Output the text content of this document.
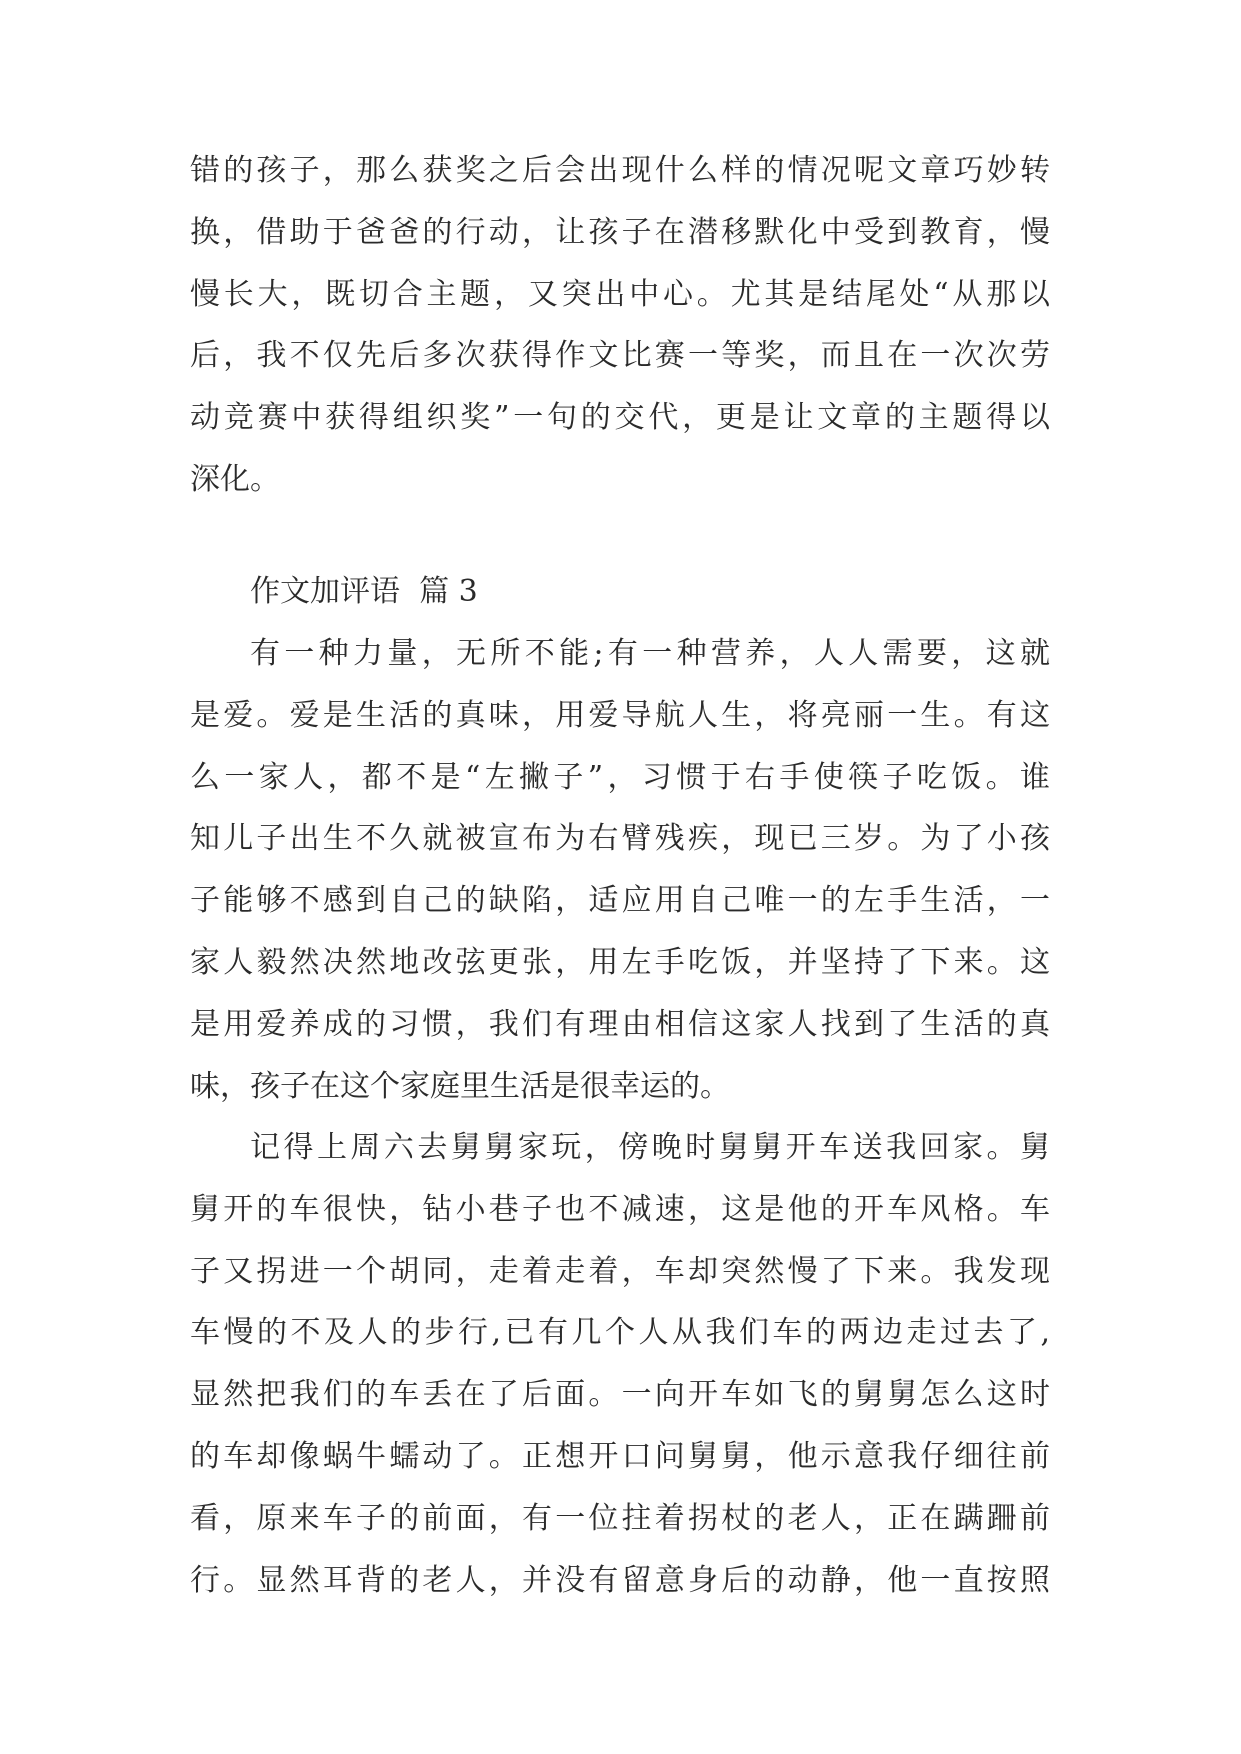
错的孩子，那么获奖之后会出现什么样的情况呢文章巧妙转
换，借助于爸爸的行动，让孩子在潜移默化中受到教育，慢
慢长大，既切合主题，又突出中心。尤其是结尾处“从那以
后，我不仅先后多次获得作文比赛一等奖，而且在一次次劳
动竞赛中获得组织奖”一句的交代，更是让文章的主题得以
深化。
作文加评语  篇 3
有一种力量，无所不能;有一种营养，人人需要，这就
是爱。爱是生活的真味，用爱导航人生，将亮丽一生。有这
么一家人，都不是“左撇子”，习惯于右手使筷子吃饭。谁
知儿子出生不久就被宣布为右臂残疾，现已三岁。为了小孩
子能够不感到自己的缺陷，适应用自己唯一的左手生活，一
家人毅然决然地改弦更张，用左手吃饭，并坚持了下来。这
是用爱养成的习惯，我们有理由相信这家人找到了生活的真
味，孩子在这个家庭里生活是很幸运的。
记得上周六去舅舅家玩，傍晚时舅舅开车送我回家。舅
舅开的车很快，钻小巷子也不减速，这是他的开车风格。车
子又拐进一个胡同，走着走着，车却突然慢了下来。我发现
车慢的不及人的步行,已有几个人从我们车的两边走过去了,
显然把我们的车丢在了后面。一向开车如飞的舅舅怎么这时
的车却像蜗牛蠕动了。正想开口问舅舅，他示意我仔细往前
看，原来车子的前面，有一位拄着拐杖的老人，正在蹒跚前
行。显然耳背的老人，并没有留意身后的动静，他一直按照
